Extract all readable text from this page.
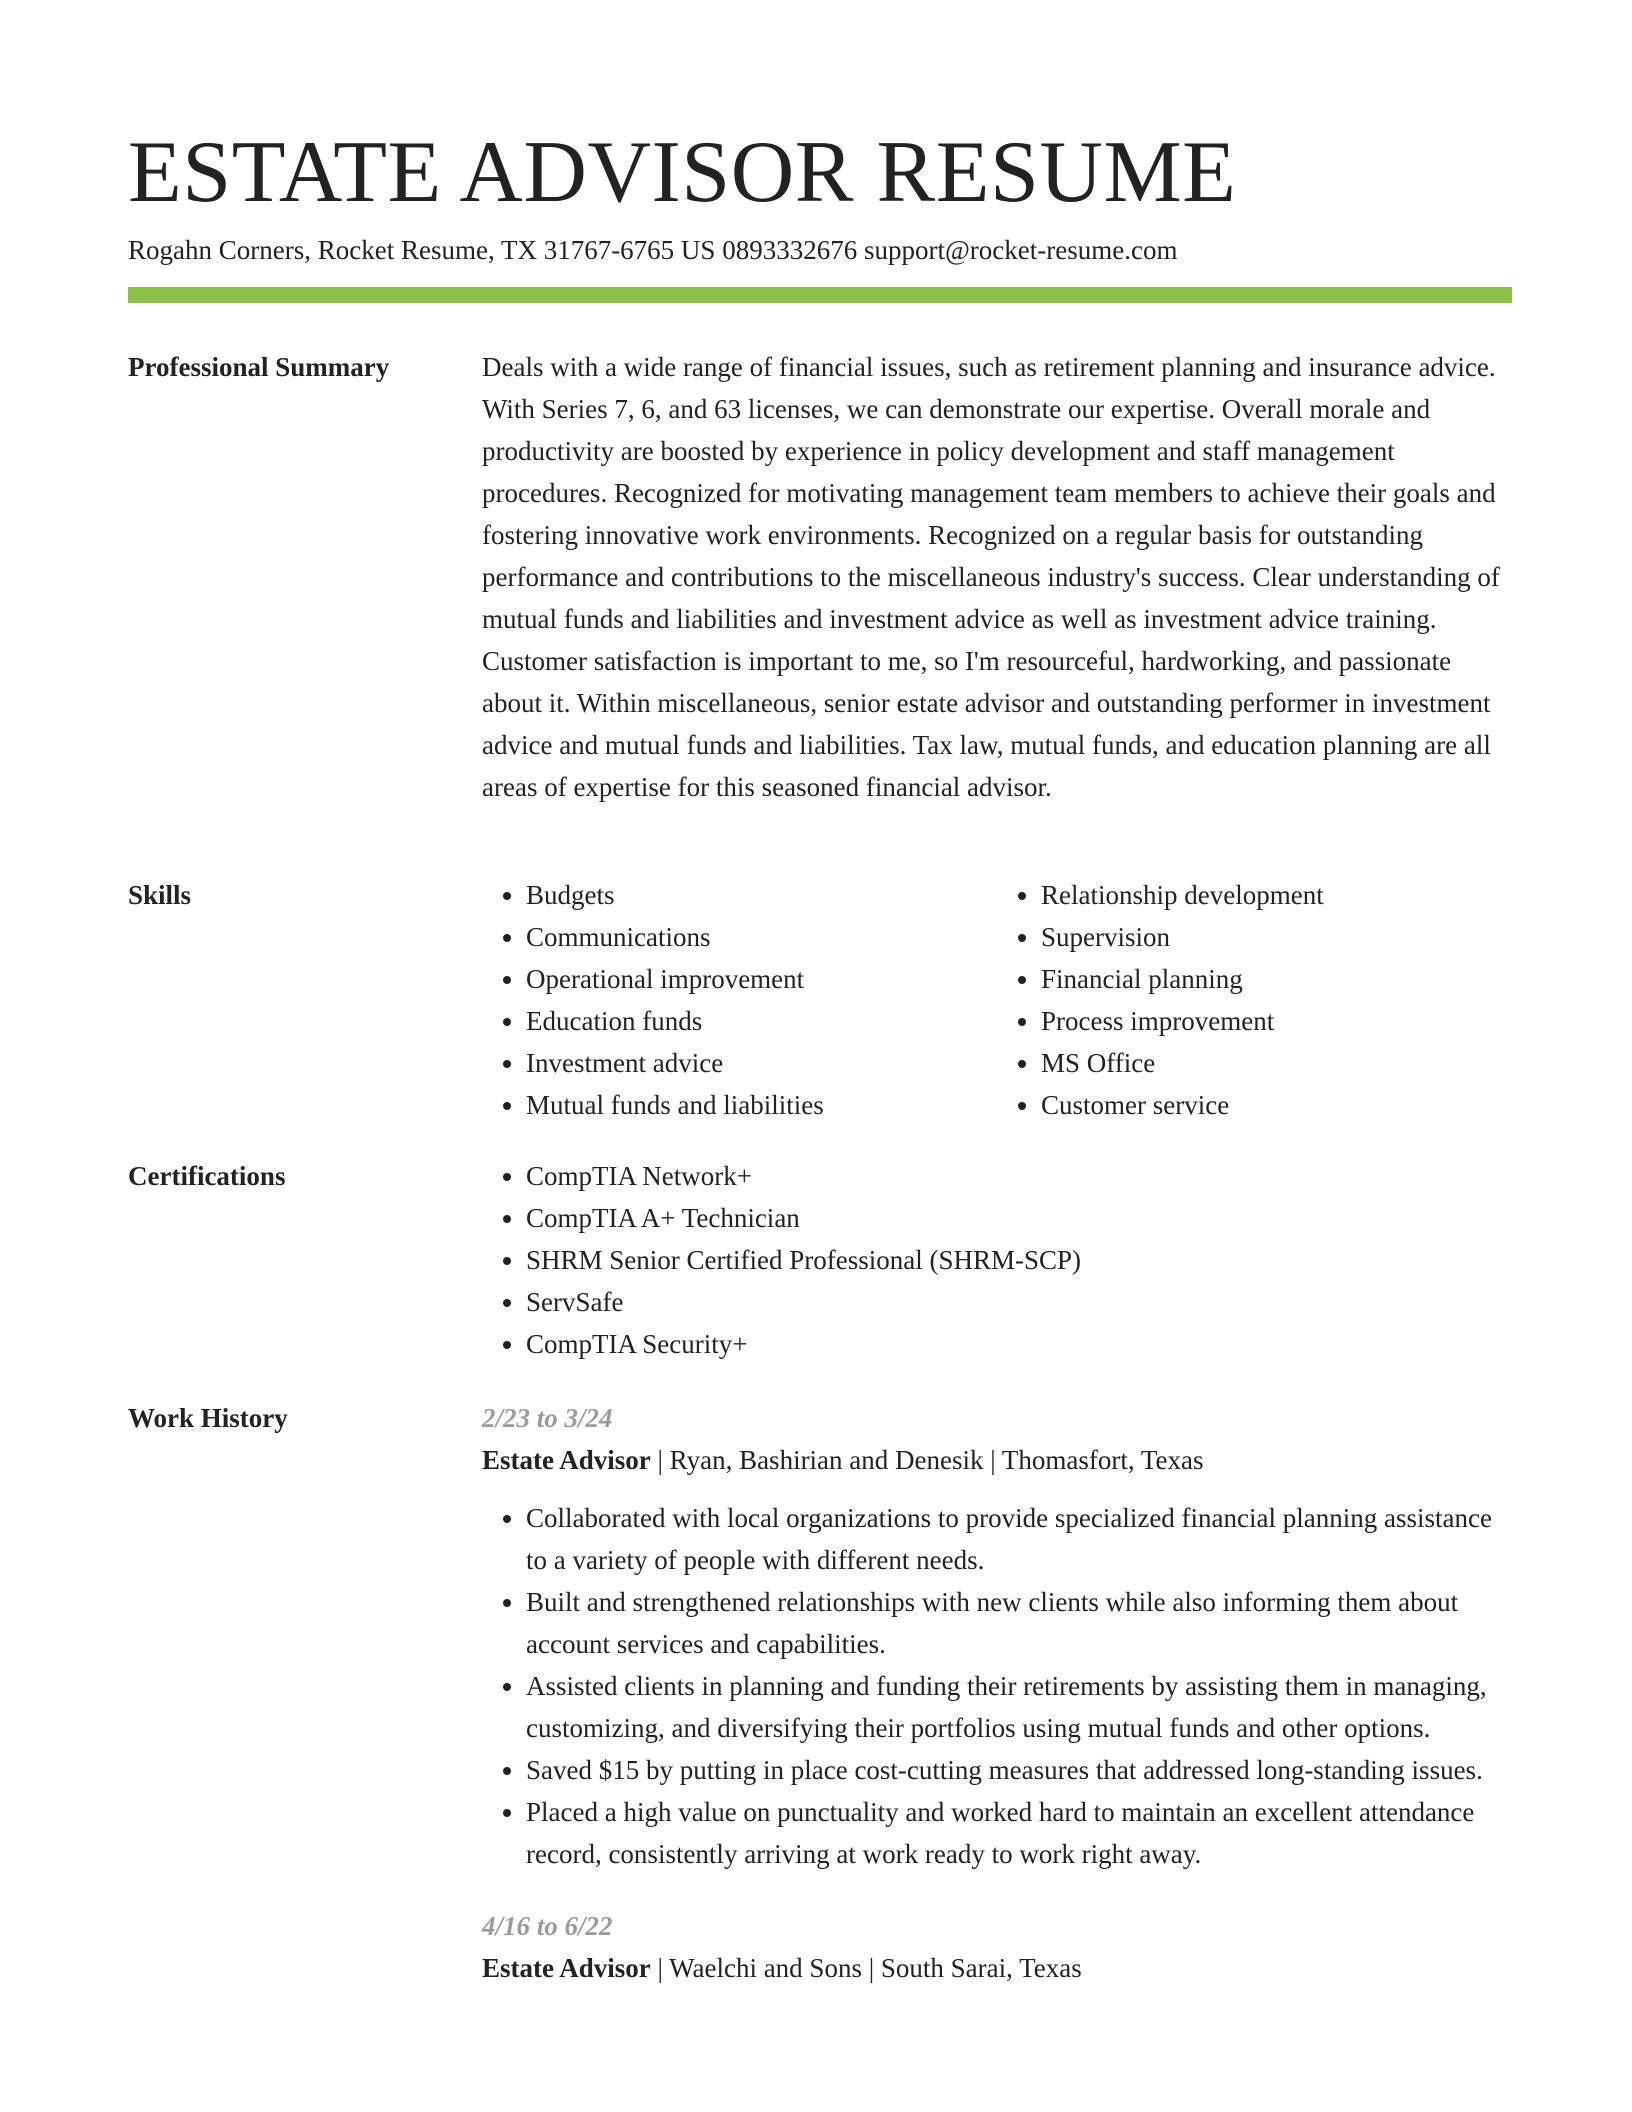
ESTATE ADVISOR RESUME
Rogahn Corners, Rocket Resume, TX 31767-6765 US 0893332676 support@rocket-resume.com
Professional Summary	Deals with a wide range of financial issues, such as retirement planning and insurance advice. With Series 7, 6, and 63 licenses, we can demonstrate our expertise. Overall morale and productivity are boosted by experience in policy development and staff management procedures. Recognized for motivating management team members to achieve their goals and fostering innovative work environments. Recognized on a regular basis for outstanding performance and contributions to the miscellaneous industry's success. Clear understanding of mutual funds and liabilities and investment advice as well as investment advice training. Customer satisfaction is important to me, so I'm resourceful, hardworking, and passionate about it. Within miscellaneous, senior estate advisor and outstanding performer in investment advice and mutual funds and liabilities. Tax law, mutual funds, and education planning are all areas of expertise for this seasoned financial advisor.

Skills	• Budgets
• Communications
• Operational improvement
• Education funds
• Investment advice
• Mutual funds and liabilities
• Relationship development
• Supervision
• Financial planning
• Process improvement
• MS Office
• Customer service
Certifications	• CompTIA Network+
• CompTIA A+ Technician
• SHRM Senior Certified Professional (SHRM-SCP)
• ServSafe
• CompTIA Security+
Work History	2/23 to 3/24
Estate Advisor | Ryan, Bashirian and Denesik | Thomasfort, Texas
• Collaborated with local organizations to provide specialized financial planning assistance to a variety of people with different needs.
• Built and strengthened relationships with new clients while also informing them about account services and capabilities.
• Assisted clients in planning and funding their retirements by assisting them in managing, customizing, and diversifying their portfolios using mutual funds and other options.
• Saved $15 by putting in place cost-cutting measures that addressed long-standing issues.
• Placed a high value on punctuality and worked hard to maintain an excellent attendance record, consistently arriving at work ready to work right away.
4/16 to 6/22
Estate Advisor | Waelchi and Sons | South Sarai, Texas
